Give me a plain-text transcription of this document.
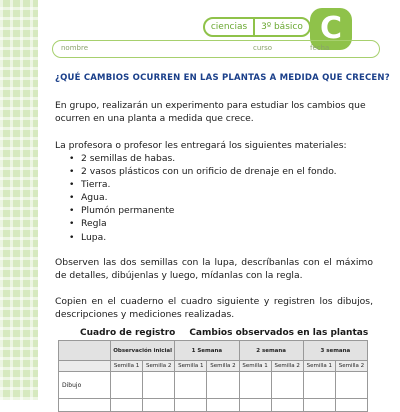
ciencias	3º básico C
nombre	curso	fecha
¿QUÉ CAMBIOS OCURREN EN LAS PLANTAS A MEDIDA QUE CRECEN?
En grupo, realizarán un experimento para estudiar los cambios que ocurren en una planta a medida que crece.
La profesora o profesor les entregará los siguientes materiales:
• 2 semillas de habas.
• 2 vasos plásticos con un orificio de drenaje en el fondo.
• Tierra.
• Agua.
• Plumón permanente
• Regla
• Lupa.
Observen las dos semillas con la lupa, descríbanlas con el máximo de detalles, dibújenlas y luego, mídanlas con la regla.
Copien en el cuaderno el cuadro siguiente y registren los dibujos, descripciones y mediciones realizadas.
Cuadro de registro Cambios observados en las plantas
	Observación inicial		1 Semana		2 semana		3 semana	
	Semilla 1	Semilla 2	Semilla 1	Semilla 2	Semilla 1	Semilla 2	Semilla 1	Semilla 2
Dibujo								
